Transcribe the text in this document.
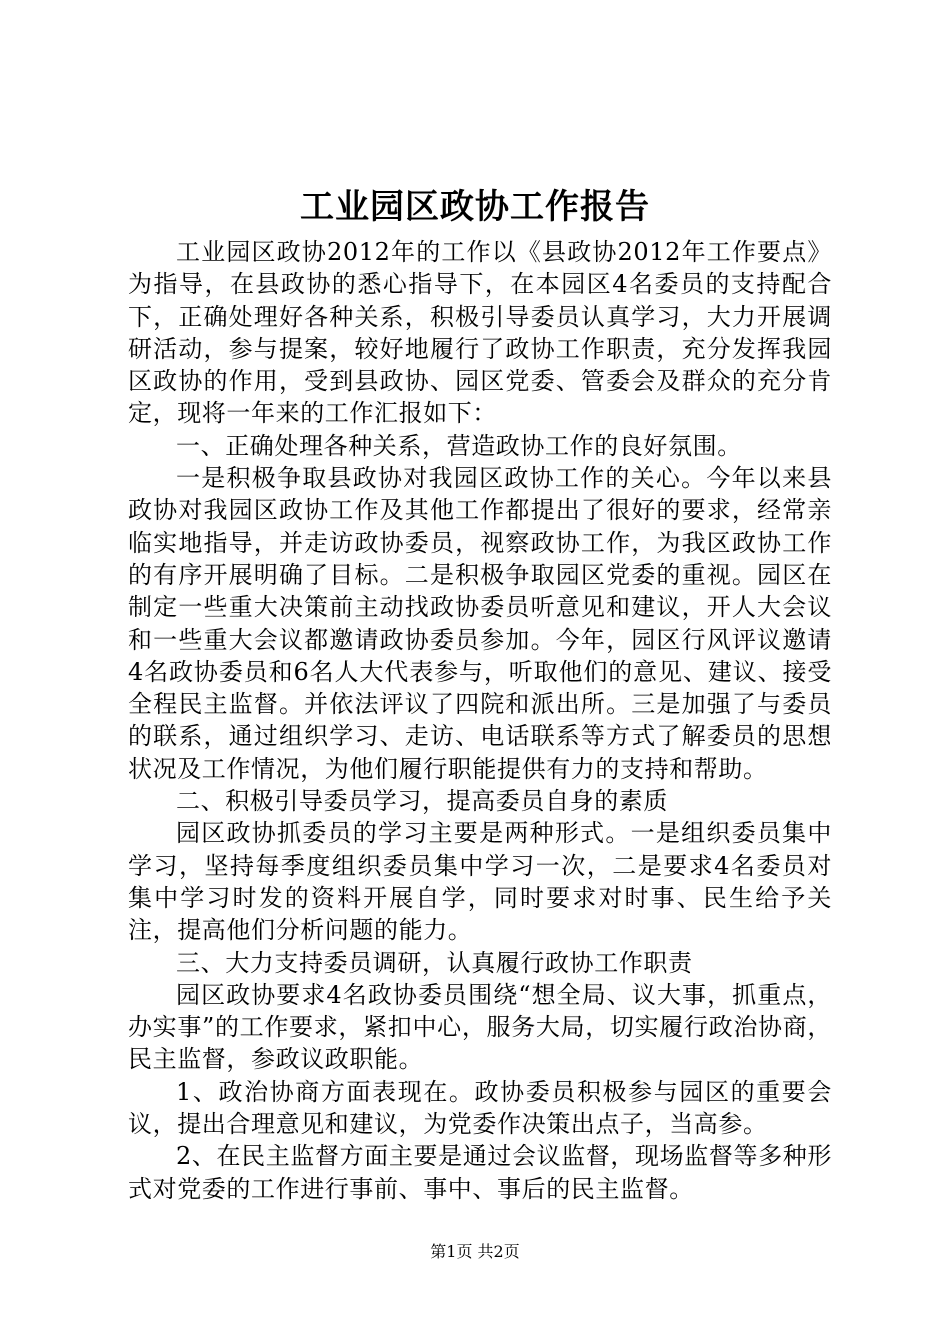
工业园区政协工作报告

工业园区政协2012年的工作以《县政协2012年工作要点》为指导，在县政协的悉心指导下，在本园区4名委员的支持配合下，正确处理好各种关系，积极引导委员认真学习，大力开展调研活动，参与提案，较好地履行了政协工作职责，充分发挥我园区政协的作用，受到县政协、园区党委、管委会及群众的充分肯定，现将一年来的工作汇报如下：

一、正确处理各种关系，营造政协工作的良好氛围。

一是积极争取县政协对我园区政协工作的关心。今年以来县政协对我园区政协工作及其他工作都提出了很好的要求，经常亲临实地指导，并走访政协委员，视察政协工作，为我区政协工作的有序开展明确了目标。二是积极争取园区党委的重视。园区在制定一些重大决策前主动找政协委员听意见和建议，开人大会议和一些重大会议都邀请政协委员参加。今年，园区行风评议邀请4名政协委员和6名人大代表参与，听取他们的意见、建议、接受全程民主监督。并依法评议了四院和派出所。三是加强了与委员的联系，通过组织学习、走访、电话联系等方式了解委员的思想状况及工作情况，为他们履行职能提供有力的支持和帮助。

二、积极引导委员学习，提高委员自身的素质

园区政协抓委员的学习主要是两种形式。一是组织委员集中学习，坚持每季度组织委员集中学习一次，二是要求4名委员对集中学习时发的资料开展自学，同时要求对时事、民生给予关注，提高他们分析问题的能力。

三、大力支持委员调研，认真履行政协工作职责

园区政协要求4名政协委员围绕“想全局、议大事，抓重点，办实事”的工作要求，紧扣中心，服务大局，切实履行政治协商，民主监督，参政议政职能。

1、政治协商方面表现在。政协委员积极参与园区的重要会议，提出合理意见和建议，为党委作决策出点子，当高参。

2、在民主监督方面主要是通过会议监督，现场监督等多种形式对党委的工作进行事前、事中、事后的民主监督。

第1页 共2页
